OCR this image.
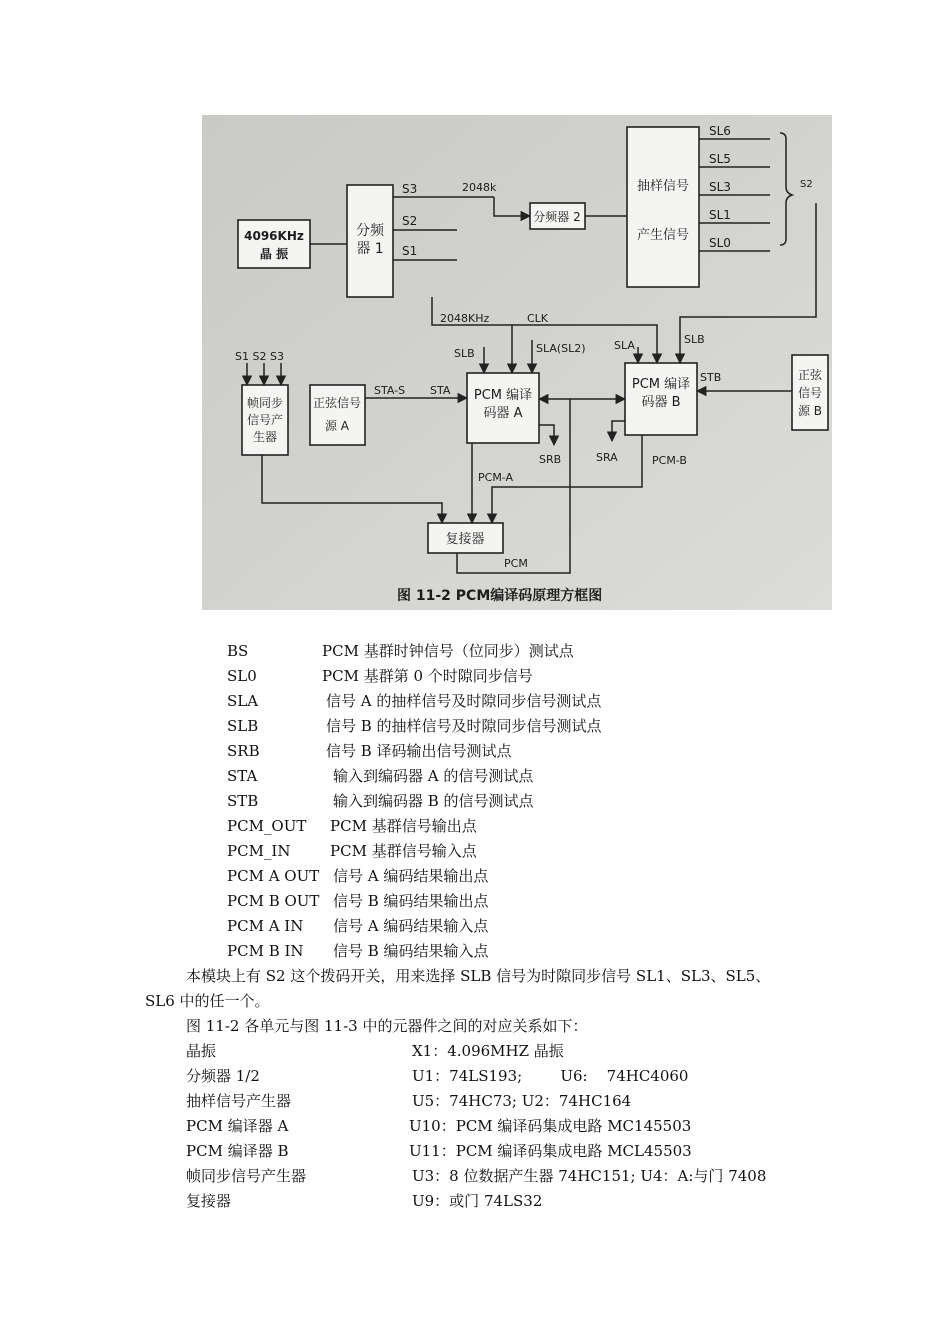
4096KHz
晶 振
分频
器 1
分频器 2
抽样信号
产生信号
帧同步
信号产
生器
正弦信号
源 A
PCM 编译
码器 A
PCM 编译
码器 B
正弦
信号
源 B
复接器
S3	2048k
S2
S1
SL6
SL5
SL3
SL1
SL0
S2
2048KHz	CLK
S1 S2 S3	SLB	SLA(SL2)	SLA	SLB
STA-S STA
STB
SRB	SRA
PCM-A
PCM-B
PCM
图 11-2 PCM编译码原理方框图
BS	PCM 基群时钟信号（位同步）测试点
SL0	PCM 基群第 0 个时隙同步信号
SLA	信号 A 的抽样信号及时隙同步信号测试点
SLB	信号 B 的抽样信号及时隙同步信号测试点
SRB	信号 B 译码输出信号测试点
STA	输入到编码器 A 的信号测试点
STB	输入到编码器 B 的信号测试点
PCM_OUT PCM 基群信号输出点
PCM_IN	PCM 基群信号输入点
PCM A OUT 信号 A 编码结果输出点
PCM B OUT 信号 B 编码结果输出点
PCM A IN 信号 A 编码结果输入点
PCM B IN 信号 B 编码结果输入点
本模块上有 S2 这个拨码开关，用来选择 SLB 信号为时隙同步信号 SL1、SL3、SL5、
SL6 中的任一个。
图 11-2 各单元与图 11-3 中的元器件之间的对应关系如下：
晶振	X1：4.096MHZ 晶振
分频器 1/2	U1：74LS193;        U6:    74HC4060
抽样信号产生器	U5：74HC73; U2：74HC164
PCM 编译器 A	U10：PCM 编译码集成电路 MC145503
PCM 编译器 B	U11：PCM 编译码集成电路 MCL45503
帧同步信号产生器	U3：8 位数据产生器 74HC151; U4：A:与门 7408
复接器	U9：或门 74LS32
